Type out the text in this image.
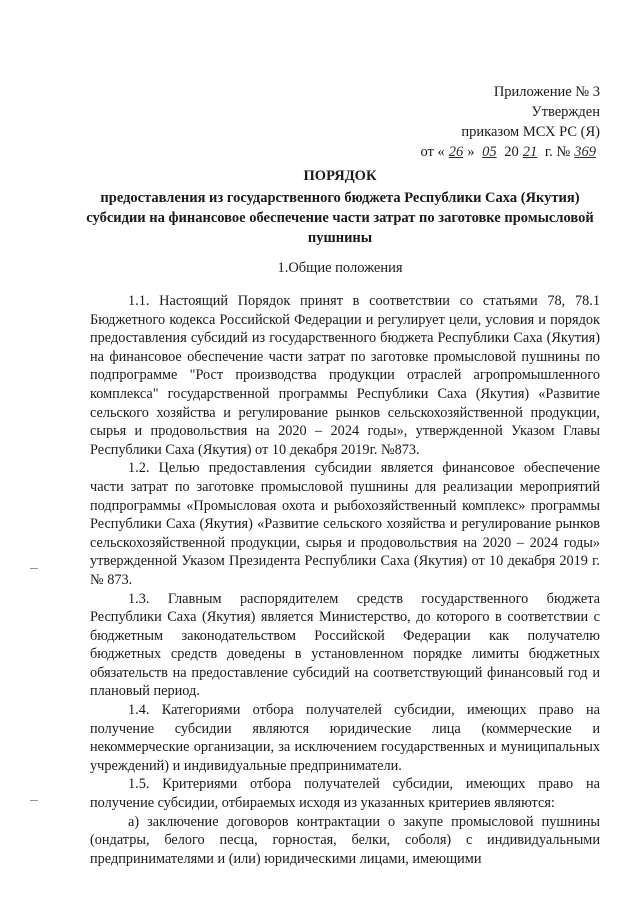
Приложение № 3
Утвержден
приказом МСХ РС (Я)
от « 26 » 05 20 21 г. № 369
ПОРЯДОК
предоставления из государственного бюджета Республики Саха (Якутия) субсидии на финансовое обеспечение части затрат по заготовке промысловой пушнины
1.Общие положения

1.1. Настоящий Порядок принят в соответствии со статьями 78, 78.1 Бюджетного кодекса Российской Федерации и регулирует цели, условия и порядок предоставления субсидий из государственного бюджета Республики Саха (Якутия) на финансовое обеспечение части затрат по заготовке промысловой пушнины по подпрограмме "Рост производства продукции отраслей агропромышленного комплекса" государственной программы Республики Саха (Якутия) «Развитие сельского хозяйства и регулирование рынков сельскохозяйственной продукции, сырья и продовольствия на 2020 – 2024 годы», утвержденной Указом Главы Республики Саха (Якутия) от 10 декабря 2019г. №873.

1.2. Целью предоставления субсидии является финансовое обеспечение части затрат по заготовке промысловой пушнины для реализации мероприятий подпрограммы «Промысловая охота и рыбохозяйственный комплекс» программы Республики Саха (Якутия) «Развитие сельского хозяйства и регулирование рынков сельскохозяйственной продукции, сырья и продовольствия на 2020 – 2024 годы» утвержденной Указом Президента Республики Саха (Якутия) от 10 декабря 2019 г. № 873.

1.3. Главным распорядителем средств государственного бюджета Республики Саха (Якутия) является Министерство, до которого в соответствии с бюджетным законодательством Российской Федерации как получателю бюджетных средств доведены в установленном порядке лимиты бюджетных обязательств на предоставление субсидий на соответствующий финансовый год и плановый период.

1.4. Категориями отбора получателей субсидии, имеющих право на получение субсидии являются юридические лица (коммерческие и некоммерческие организации, за исключением государственных и муниципальных учреждений) и индивидуальные предприниматели.

1.5. Критериями отбора получателей субсидии, имеющих право на получение субсидии, отбираемых исходя из указанных критериев являются:

а) заключение договоров контрактации о закупе промысловой пушнины (ондатры, белого песца, горностая, белки, соболя) с индивидуальными предпринимателями и (или) юридическими лицами, имеющими
